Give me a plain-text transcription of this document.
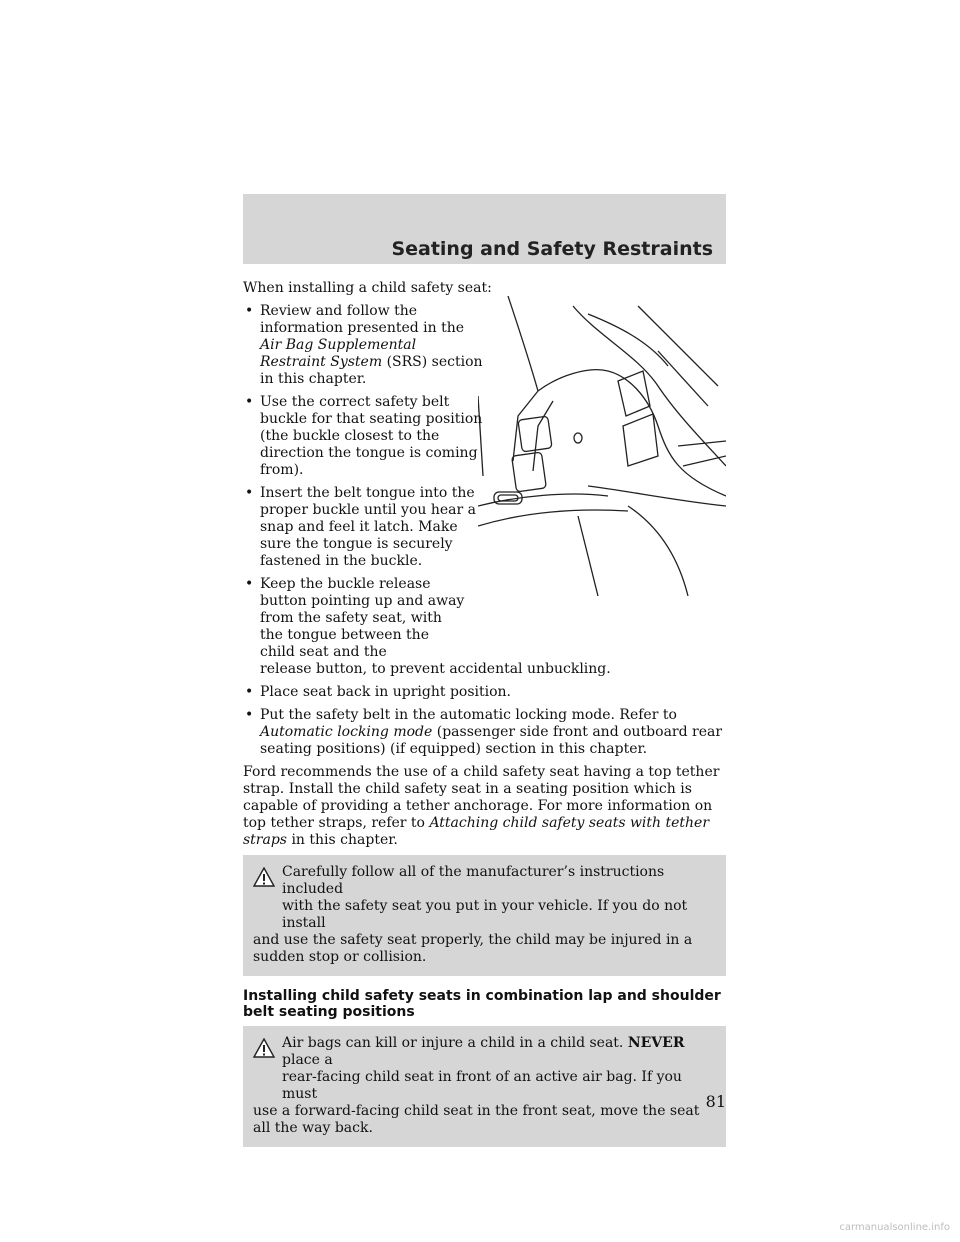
Seating and Safety Restraints

When installing a child safety seat:

• Review and follow the information presented in the Air Bag Supplemental Restraint System (SRS) section in this chapter.
• Use the correct safety belt buckle for that seating position (the buckle closest to the direction the tongue is coming from).
• Insert the belt tongue into the proper buckle until you hear a snap and feel it latch. Make sure the tongue is securely fastened in the buckle.
• Keep the buckle release button pointing up and away from the safety seat, with the tongue between the child seat and the
release button, to prevent accidental unbuckling.
• Place seat back in upright position.
• Put the safety belt in the automatic locking mode. Refer to Automatic locking mode (passenger side front and outboard rear seating positions) (if equipped) section in this chapter.

Ford recommends the use of a child safety seat having a top tether strap. Install the child safety seat in a seating position which is capable of providing a tether anchorage. For more information on top tether straps, refer to Attaching child safety seats with tether straps in this chapter.

Carefully follow all of the manufacturer’s instructions included
with the safety seat you put in your vehicle. If you do not install
and use the safety seat properly, the child may be injured in a sudden stop or collision.
Installing child safety seats in combination lap and shoulder belt seating positions
Air bags can kill or injure a child in a child seat. NEVER place a
rear-facing child seat in front of an active air bag. If you must
use a forward-facing child seat in the front seat, move the seat all the way back.
81
carmanualsonline.info
